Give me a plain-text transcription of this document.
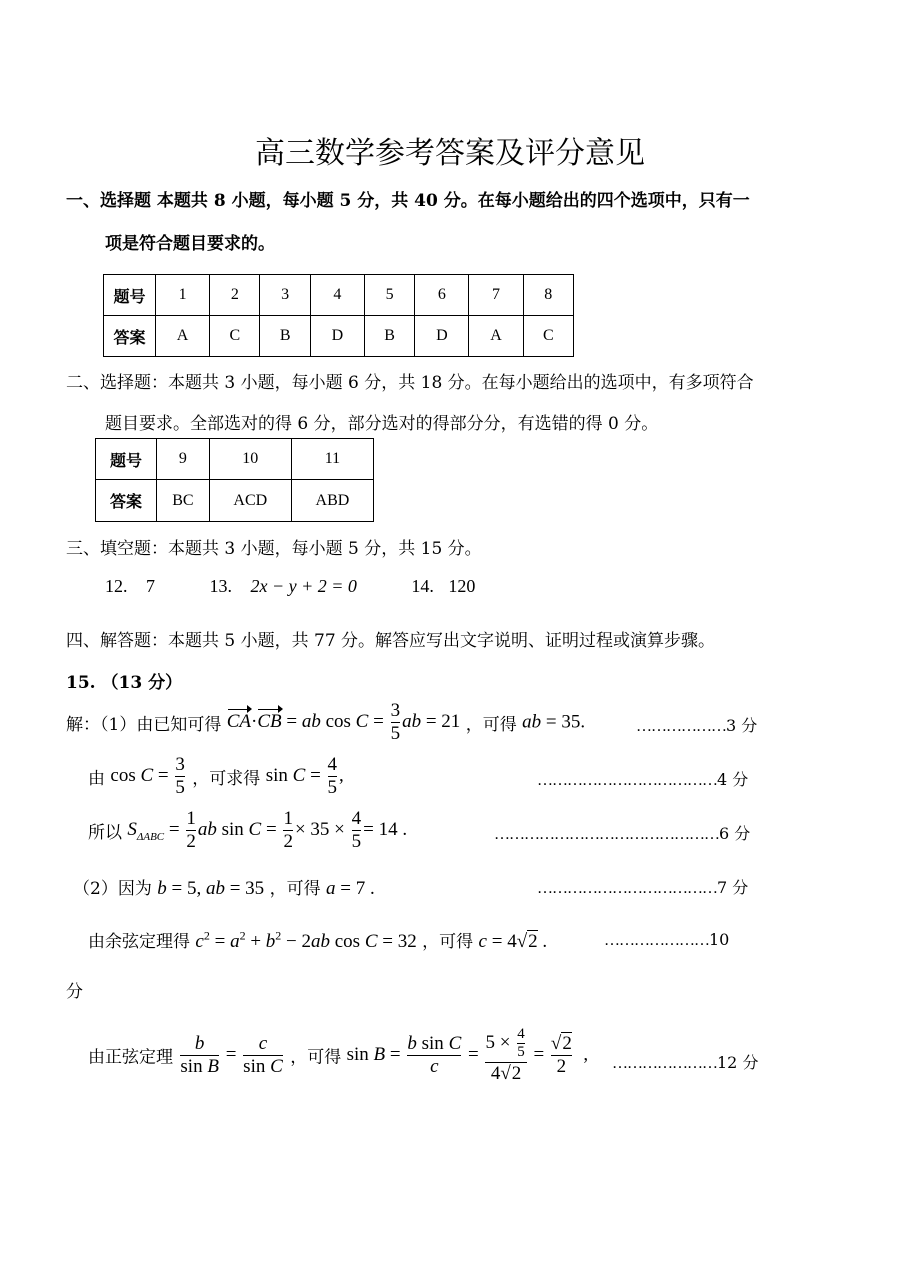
高三数学参考答案及评分意见
一、选择题 本题共 8 小题，每小题 5 分，共 40 分。在每小题给出的四个选项中，只有一
项是符合题目要求的。
题号	1	2	3	4	5	6	7	8
答案	A	C	B	D	B	D	A	C
二、选择题：本题共 3 小题，每小题 6 分，共 18 分。在每小题给出的选项中，有多项符合
题目要求。全部选对的得 6 分，部分选对的得部分分，有选错的得 0 分。
题号	9	10	11
答案	BC	ACD	ABD
三、填空题：本题共 3 小题，每小题 5 分，共 15 分。
12. 7	13. 2x − y + 2 = 0	14. 120
四、解答题：本题共 5 小题，共 77 分。解答应写出文字说明、证明过程或演算步骤。
15. （13 分）
解：（1）由已知可得 CA·CB = ab $\cos C = \frac{3}{5}$ ab = 21 ，可得 ab = 35.	………………3 分
由 $\cos C = \frac{3}{5}$ ，可求得 $\sin C = \frac{4}{5}$ ,	………………………………4 分
所以 $S_{\Delta ABC} = \frac{1}{2}$ ab $\sin C = \frac{1}{2} \times 35 \times \frac{4}{5} = 14$ .	………………………………………6 分
（2）因为 b = 5, ab = 35 ，可得 a = 7 .	………………………………7 分
由余弦定理得 $c^2 = a^2 + b^2 - 2ab$ cos C = 32 ，可得 c = 4√2 .	…………………10
分
由正弦定理 $\frac{b}{\text{sin B}} = \frac{c}{\text{sin C}}$ ，可得 $\sin B = \frac{\text{b sin C}}{c} = \frac{5 \times \frac{4}{5}}{4√2} = \frac{√2}{2}$ , …………………12 分
